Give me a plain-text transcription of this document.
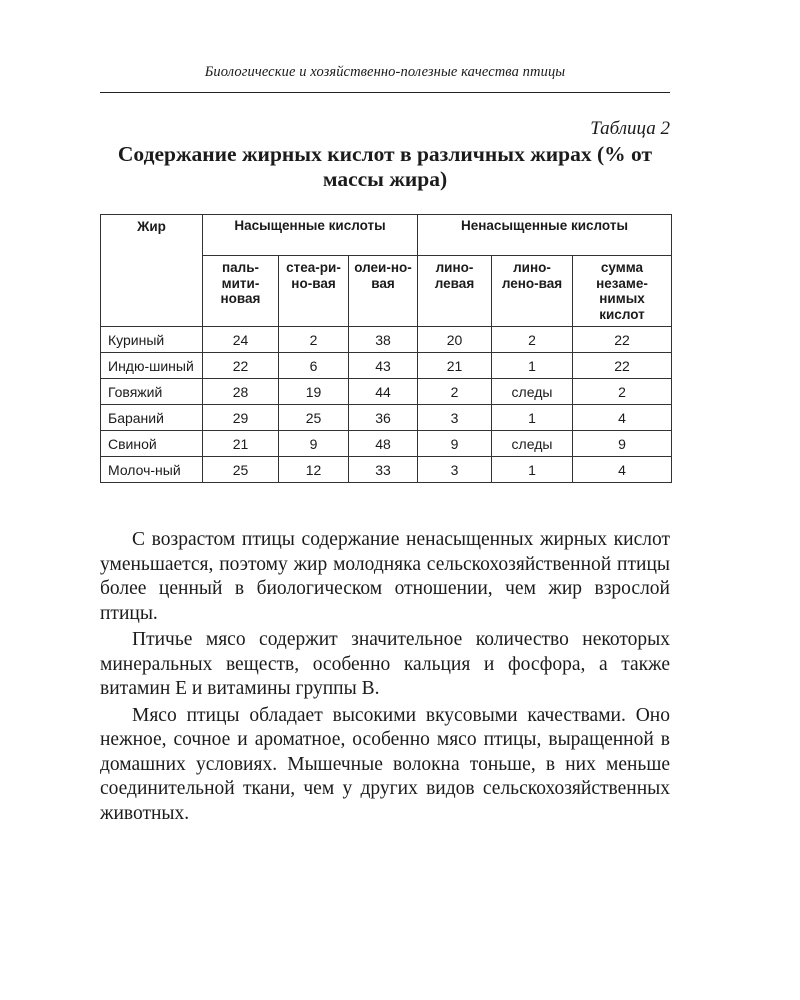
Биологические и хозяйственно-полезные качества птицы
Таблица 2
Содержание жирных кислот в различных жирах (% от массы жира)
Жир	Насыщенные кислоты			Ненасыщенные кислоты		
	паль-мити-новая	стеа-ри-но-вая	олеи-но-вая	лино-левая	лино-лено-вая	сумма незаме-нимых кислот
Куриный	24	2	38	20	2	22
Индю-шиный	22	6	43	21	1	22
Говяжий	28	19	44	2	следы	2
Бараний	29	25	36	3	1	4
Свиной	21	9	48	9	следы	9
Молоч-ный	25	12	33	3	1	4

С возрастом птицы содержание ненасыщенных жирных кислот уменьшается, поэтому жир молодняка сельскохозяйственной птицы более ценный в биологическом отношении, чем жир взрослой птицы.

Птичье мясо содержит значительное количество некоторых минеральных веществ, особенно кальция и фосфора, а также витамин E и витамины группы B.

Мясо птицы обладает высокими вкусовыми качествами. Оно нежное, сочное и ароматное, особенно мясо птицы, выращенной в домашних условиях. Мышечные волокна тоньше, в них меньше соединительной ткани, чем у других видов сельскохозяйственных животных.
